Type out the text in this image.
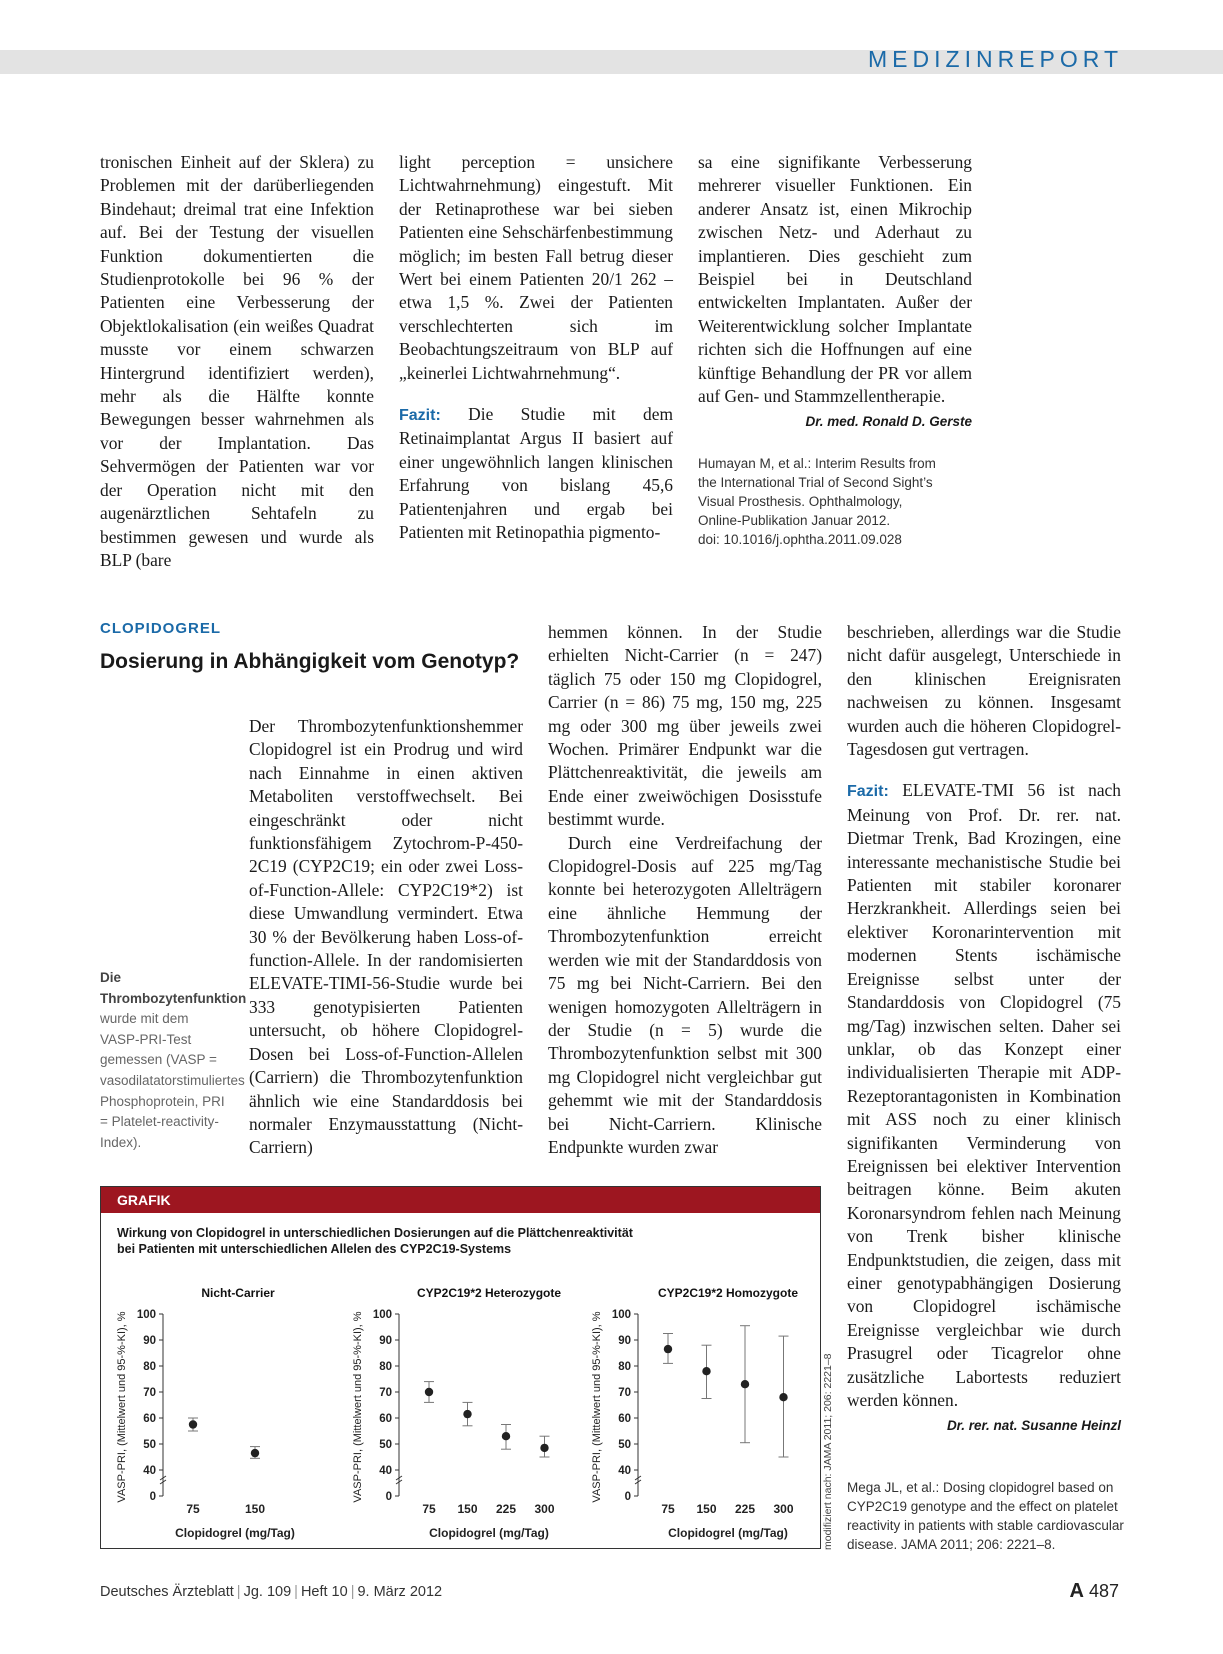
MEDIZINREPORT

tronischen Einheit auf der Sklera) zu Problemen mit der darüberliegenden Bindehaut; dreimal trat eine Infektion auf. Bei der Testung der visuellen Funktion dokumentierten die Studienprotokolle bei 96 % der Patienten eine Verbesserung der Objektlokalisation (ein weißes Quadrat musste vor einem schwarzen Hintergrund identifiziert werden), mehr als die Hälfte konnte Bewegungen besser wahrnehmen als vor der Implantation. Das Sehvermögen der Patienten war vor der Operation nicht mit den augenärztlichen Sehtafeln zu bestimmen gewesen und wurde als BLP (bare

light perception = unsichere Lichtwahrnehmung) eingestuft. Mit der Retinaprothese war bei sieben Patienten eine Sehschärfenbestimmung möglich; im besten Fall betrug dieser Wert bei einem Patienten 20/1 262 – etwa 1,5 %. Zwei der Patienten verschlechterten sich im Beobachtungszeitraum von BLP auf „keinerlei Lichtwahrnehmung“.

Fazit: Die Studie mit dem Retinaimplantat Argus II basiert auf einer ungewöhnlich langen klinischen Erfahrung von bislang 45,6 Patientenjahren und ergab bei Patienten mit Retinopathia pigmento-

sa eine signifikante Verbesserung mehrerer visueller Funktionen. Ein anderer Ansatz ist, einen Mikrochip zwischen Netz- und Aderhaut zu implantieren. Dies geschieht zum Beispiel bei in Deutschland entwickelten Implantaten. Außer der Weiterentwicklung solcher Implantate richten sich die Hoffnungen auf eine künftige Behandlung der PR vor allem auf Gen- und Stammzellentherapie.
Dr. med. Ronald D. Gerste

Humayan M, et al.: Interim Results from
the International Trial of Second Sight’s
Visual Prosthesis. Ophthalmology,
Online-Publikation Januar 2012.
doi: 10.1016/j.ophtha.2011.09.028
CLOPIDOGREL
Dosierung in Abhängigkeit vom Genotyp?
Die Thrombozytenfunktion wurde mit dem VASP-PRI-Test gemessen (VASP = vasodilatatorstimuliertes Phosphoprotein, PRI = Platelet-reactivity-Index).

Der Thrombozytenfunktionshemmer Clopidogrel ist ein Prodrug und wird nach Einnahme in einen aktiven Metaboliten verstoffwechselt. Bei eingeschränkt oder nicht funktionsfähigem Zytochrom-P-450-2C19 (CYP2C19; ein oder zwei Loss-of-Function-Allele: CYP2C19*2) ist diese Umwandlung vermindert. Etwa 30 % der Bevölkerung haben Loss-of-function-Allele. In der randomisierten ELEVATE-TIMI-56-Studie wurde bei 333 genotypisierten Patienten untersucht, ob höhere Clopidogrel-Dosen bei Loss-of-Function-Allelen (Carriern) die Thrombozytenfunktion ähnlich wie eine Standarddosis bei normaler Enzymausstattung (Nicht-Carriern)

hemmen können. In der Studie erhielten Nicht-Carrier (n = 247) täglich 75 oder 150 mg Clopidogrel, Carrier (n = 86) 75 mg, 150 mg, 225 mg oder 300 mg über jeweils zwei Wochen. Primärer Endpunkt war die Plättchenreaktivität, die jeweils am Ende einer zweiwöchigen Dosisstufe bestimmt wurde.

Durch eine Verdreifachung der Clopidogrel-Dosis auf 225 mg/Tag konnte bei heterozygoten Allelträgern eine ähnliche Hemmung der Thrombozytenfunktion erreicht werden wie mit der Standarddosis von 75 mg bei Nicht-Carriern. Bei den wenigen homozygoten Allelträgern in der Studie (n = 5) wurde die Thrombozytenfunktion selbst mit 300 mg Clopidogrel nicht vergleichbar gut gehemmt wie mit der Standarddosis bei Nicht-Carriern. Klinische Endpunkte wurden zwar

beschrieben, allerdings war die Studie nicht dafür ausgelegt, Unterschiede in den klinischen Ereignisraten nachweisen zu können. Insgesamt wurden auch die höheren Clopidogrel-Tagesdosen gut vertragen.

Fazit: ELEVATE-TMI 56 ist nach Meinung von Prof. Dr. rer. nat. Dietmar Trenk, Bad Krozingen, eine interessante mechanistische Studie bei Patienten mit stabiler koronarer Herzkrankheit. Allerdings seien bei elektiver Koronarintervention mit modernen Stents ischämische Ereignisse selbst unter der Standarddosis von Clopidogrel (75 mg/Tag) inzwischen selten. Daher sei unklar, ob das Konzept einer individualisierten Therapie mit ADP-Rezeptorantagonisten in Kombination mit ASS noch zu einer klinisch signifikanten Verminderung von Ereignissen bei elektiver Intervention beitragen könne. Beim akuten Koronarsyndrom fehlen nach Meinung von Trenk bisher klinische Endpunktstudien, die zeigen, dass mit einer genotypabhängigen Dosierung von Clopidogrel ischämische Ereignisse vergleichbar wie durch Prasugrel oder Ticagrelor ohne zusätzliche Labortests reduziert werden können.
Dr. rer. nat. Susanne Heinzl

Mega JL, et al.: Dosing clopidogrel based on
CYP2C19 genotype and the effect on platelet
reactivity in patients with stable cardiovascular
disease. JAMA 2011; 206: 2221–8.
GRAFIK
Wirkung von Clopidogrel in unterschiedlichen Dosierungen auf die Plättchenreaktivität
bei Patienten mit unterschiedlichen Allelen des CYP2C19-Systems
0
40
50
60
70
80
90
100
VASP-PRI, (Mittelwert und 95-%-KI), %
Nicht-Carrier
75	150
Clopidogrel (mg/Tag)
0
40
50
60
70
80
90
100
VASP-PRI, (Mittelwert und 95-%-KI), %
CYP2C19*2 Heterozygote
75 150 225 300
Clopidogrel (mg/Tag)
0
40
50
60
70
80
90
100
VASP-PRI, (Mittelwert und 95-%-KI), %
CYP2C19*2 Homozygote
75 150 225 300
Clopidogrel (mg/Tag)	modifiziert nach: JAMA 2011; 206: 2221–8
Deutsches Ärzteblatt | Jg. 109 | Heft 10 | 9. März 2012	A 487
